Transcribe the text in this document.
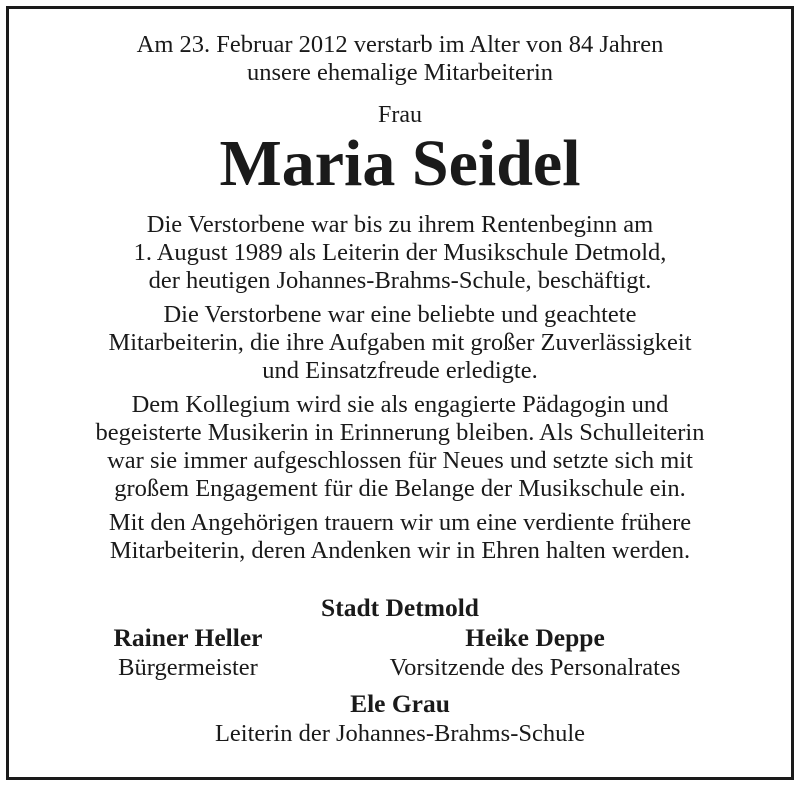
Am 23. Februar 2012 verstarb im Alter von 84 Jahren
unsere ehemalige Mitarbeiterin
Frau
Maria Seidel
Die Verstorbene war bis zu ihrem Rentenbeginn am
1. August 1989 als Leiterin der Musikschule Detmold,
der heutigen Johannes-Brahms-Schule, beschäftigt.
Die Verstorbene war eine beliebte und geachtete
Mitarbeiterin, die ihre Aufgaben mit großer Zuverlässigkeit
und Einsatzfreude erledigte.
Dem Kollegium wird sie als engagierte Pädagogin und
begeisterte Musikerin in Erinnerung bleiben. Als Schulleiterin
war sie immer aufgeschlossen für Neues und setzte sich mit
großem Engagement für die Belange der Musikschule ein.
Mit den Angehörigen trauern wir um eine verdiente frühere
Mitarbeiterin, deren Andenken wir in Ehren halten werden.
Stadt Detmold
Rainer Heller
Bürgermeister
Heike Deppe
Vorsitzende des Personalrates
Ele Grau
Leiterin der Johannes-Brahms-Schule
